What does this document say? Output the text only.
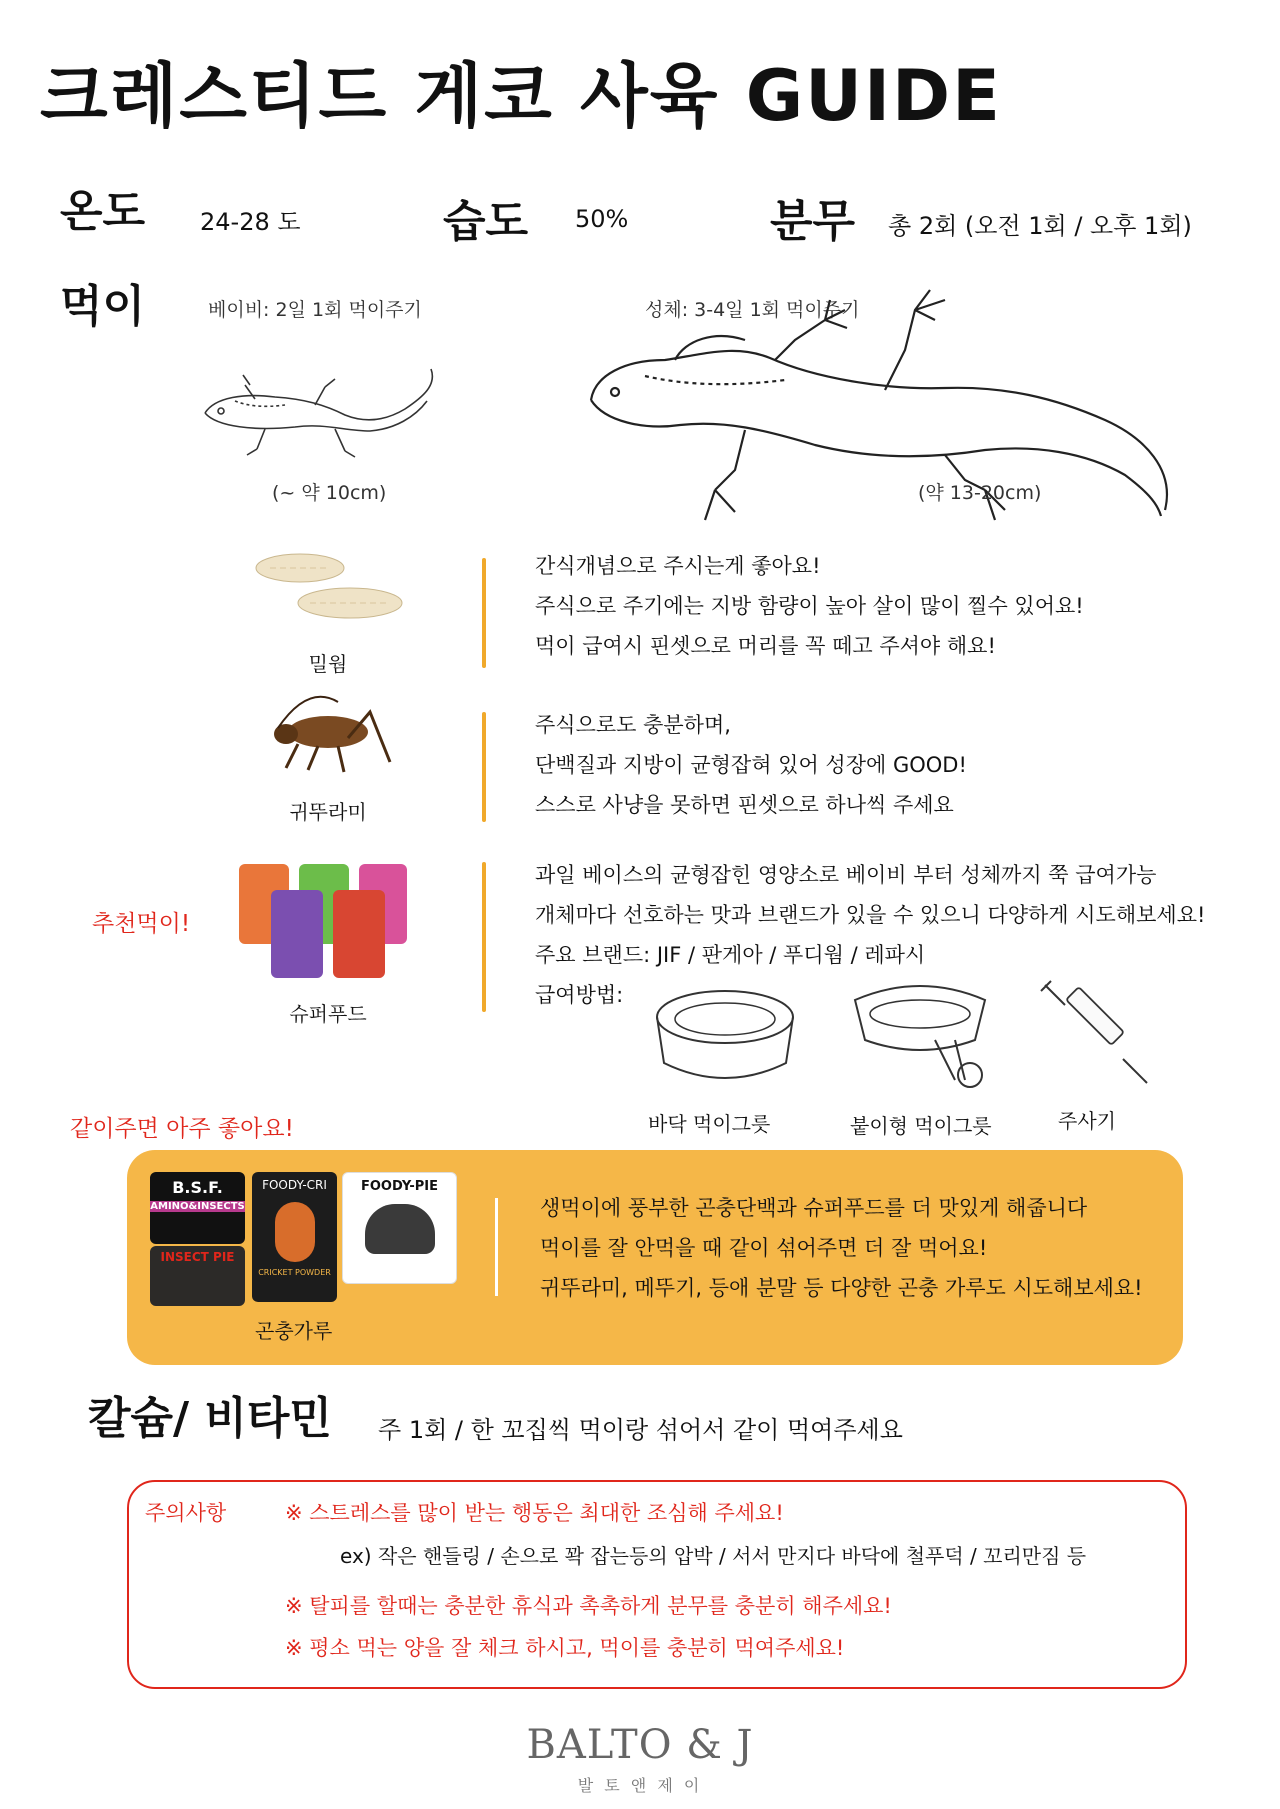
크레스티드 게코 사육 GUIDE
온도 24-28 도	습도 50%	분무 총 2회 (오전 1회 / 오후 1회)
먹이	베이비: 2일 1회 먹이주기	성체: 3-4일 1회 먹이주기
(~ 약 10cm)	(약 13-20cm)
밀웜

간식개념으로 주시는게 좋아요!

주식으로 주기에는 지방 함량이 높아 살이 많이 찔수 있어요!

먹이 급여시 핀셋으로 머리를 꼭 떼고 주셔야 해요!

귀뚜라미

주식으로도 충분하며,

단백질과 지방이 균형잡혀 있어 성장에 GOOD!

스스로 사냥을 못하면 핀셋으로 하나씩 주세요

추천먹이!
슈퍼푸드

과일 베이스의 균형잡힌 영양소로 베이비 부터 성체까지 쭉 급여가능

개체마다 선호하는 맛과 브랜드가 있을 수 있으니 다양하게 시도해보세요!

주요 브랜드: JIF / 판게아 / 푸디웜 / 레파시

급여방법:

바닥 먹이그릇	붙이형 먹이그릇	주사기
같이주면 아주 좋아요!
B.S.F.
AMINO&INSECTS
INSECT PIE
FOODY-CRI
CRICKET POWDER
FOODY-PIE
곤충가루

생먹이에 풍부한 곤충단백과 슈퍼푸드를 더 맛있게 해줍니다

먹이를 잘 안먹을 때 같이 섞어주면 더 잘 먹어요!

귀뚜라미, 메뚜기, 등애 분말 등 다양한 곤충 가루도 시도해보세요!

칼슘/ 비타민 주 1회 / 한 꼬집씩 먹이랑 섞어서 같이 먹여주세요
주의사항	※ 스트레스를 많이 받는 행동은 최대한 조심해 주세요!
ex) 작은 핸들링 / 손으로 꽉 잡는등의 압박 / 서서 만지다 바닥에 철푸덕 / 꼬리만짐 등
※ 탈피를 할때는 충분한 휴식과 촉촉하게 분무를 충분히 해주세요!
※ 평소 먹는 양을 잘 체크 하시고, 먹이를 충분히 먹여주세요!
BALTO & J
발 토 앤 제 이
